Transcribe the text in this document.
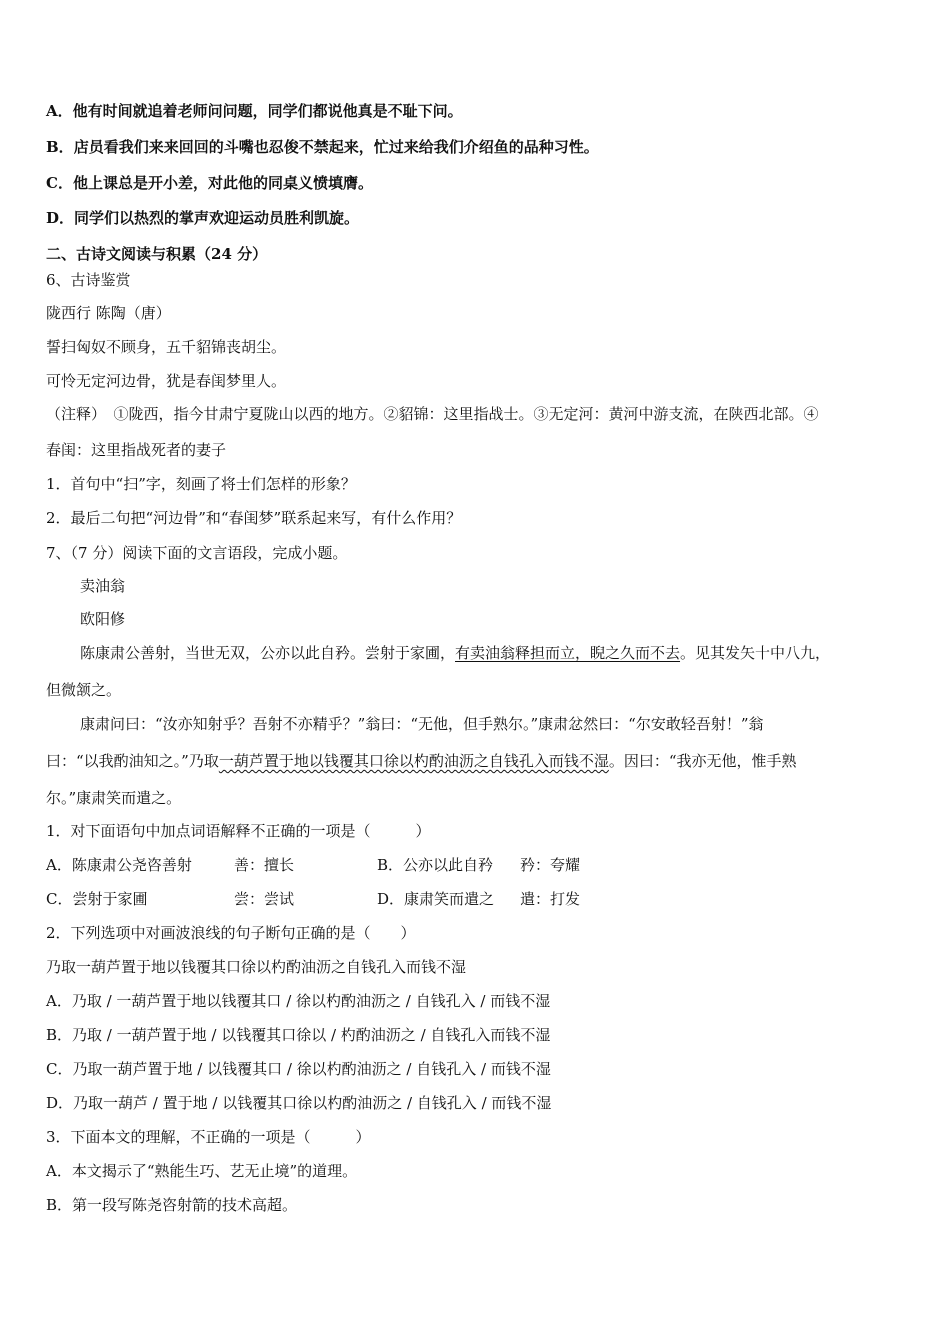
A．他有时间就追着老师问问题，同学们都说他真是不耻下问。
B．店员看我们来来回回的斗嘴也忍俊不禁起来，忙过来给我们介绍鱼的品种习性。
C．他上课总是开小差，对此他的同桌义愤填膺。
D．同学们以热烈的掌声欢迎运动员胜利凯旋。
二、古诗文阅读与积累（24 分）
6、古诗鉴赏
陇西行 陈陶（唐）
誓扫匈奴不顾身，五千貂锦丧胡尘。
可怜无定河边骨，犹是春闺梦里人。
（注释）　①陇西，指今甘肃宁夏陇山以西的地方。②貂锦：这里指战士。③无定河：黄河中游支流，在陕西北部。④
春闺：这里指战死者的妻子
1．首句中“扫”字，刻画了将士们怎样的形象？
2．最后二句把“河边骨”和“春闺梦”联系起来写，有什么作用？
7、（7 分）阅读下面的文言语段，完成小题。
卖油翁
欧阳修
陈康肃公善射，当世无双，公亦以此自矜。尝射于家圃，有卖油翁释担而立，睨之久而不去。见其发矢十中八九，
但微颔之。
康肃问曰：“汝亦知射乎？吾射不亦精乎？”翁曰：“无他，但手熟尔。”康肃忿然曰：“尔安敢轻吾射！”翁
曰：“以我酌油知之。”乃取一葫芦置于地以钱覆其口徐以杓酌油沥之自钱孔入而钱不湿。因曰：“我亦无他，惟手熟
尔。”康肃笑而遣之。
1．对下面语句中加点词语解释不正确的一项是（　　　）
A．陈康肃公尧咨善射	善：擅长	B．公亦以此自矜 矜：夸耀
C．尝射于家圃	尝：尝试	D．康肃笑而遣之 遣：打发
2．下列选项中对画波浪线的句子断句正确的是（　　）
乃取一葫芦置于地以钱覆其口徐以杓酌油沥之自钱孔入而钱不湿
A．乃取 / 一葫芦置于地以钱覆其口 / 徐以杓酌油沥之 / 自钱孔入 / 而钱不湿
B．乃取 / 一葫芦置于地 / 以钱覆其口徐以 / 杓酌油沥之 / 自钱孔入而钱不湿
C．乃取一葫芦置于地 / 以钱覆其口 / 徐以杓酌油沥之 / 自钱孔入 / 而钱不湿
D．乃取一葫芦 / 置于地 / 以钱覆其口徐以杓酌油沥之 / 自钱孔入 / 而钱不湿
3．下面本文的理解，不正确的一项是（　　　）
A．本文揭示了“熟能生巧、艺无止境”的道理。
B．第一段写陈尧咨射箭的技术高超。
